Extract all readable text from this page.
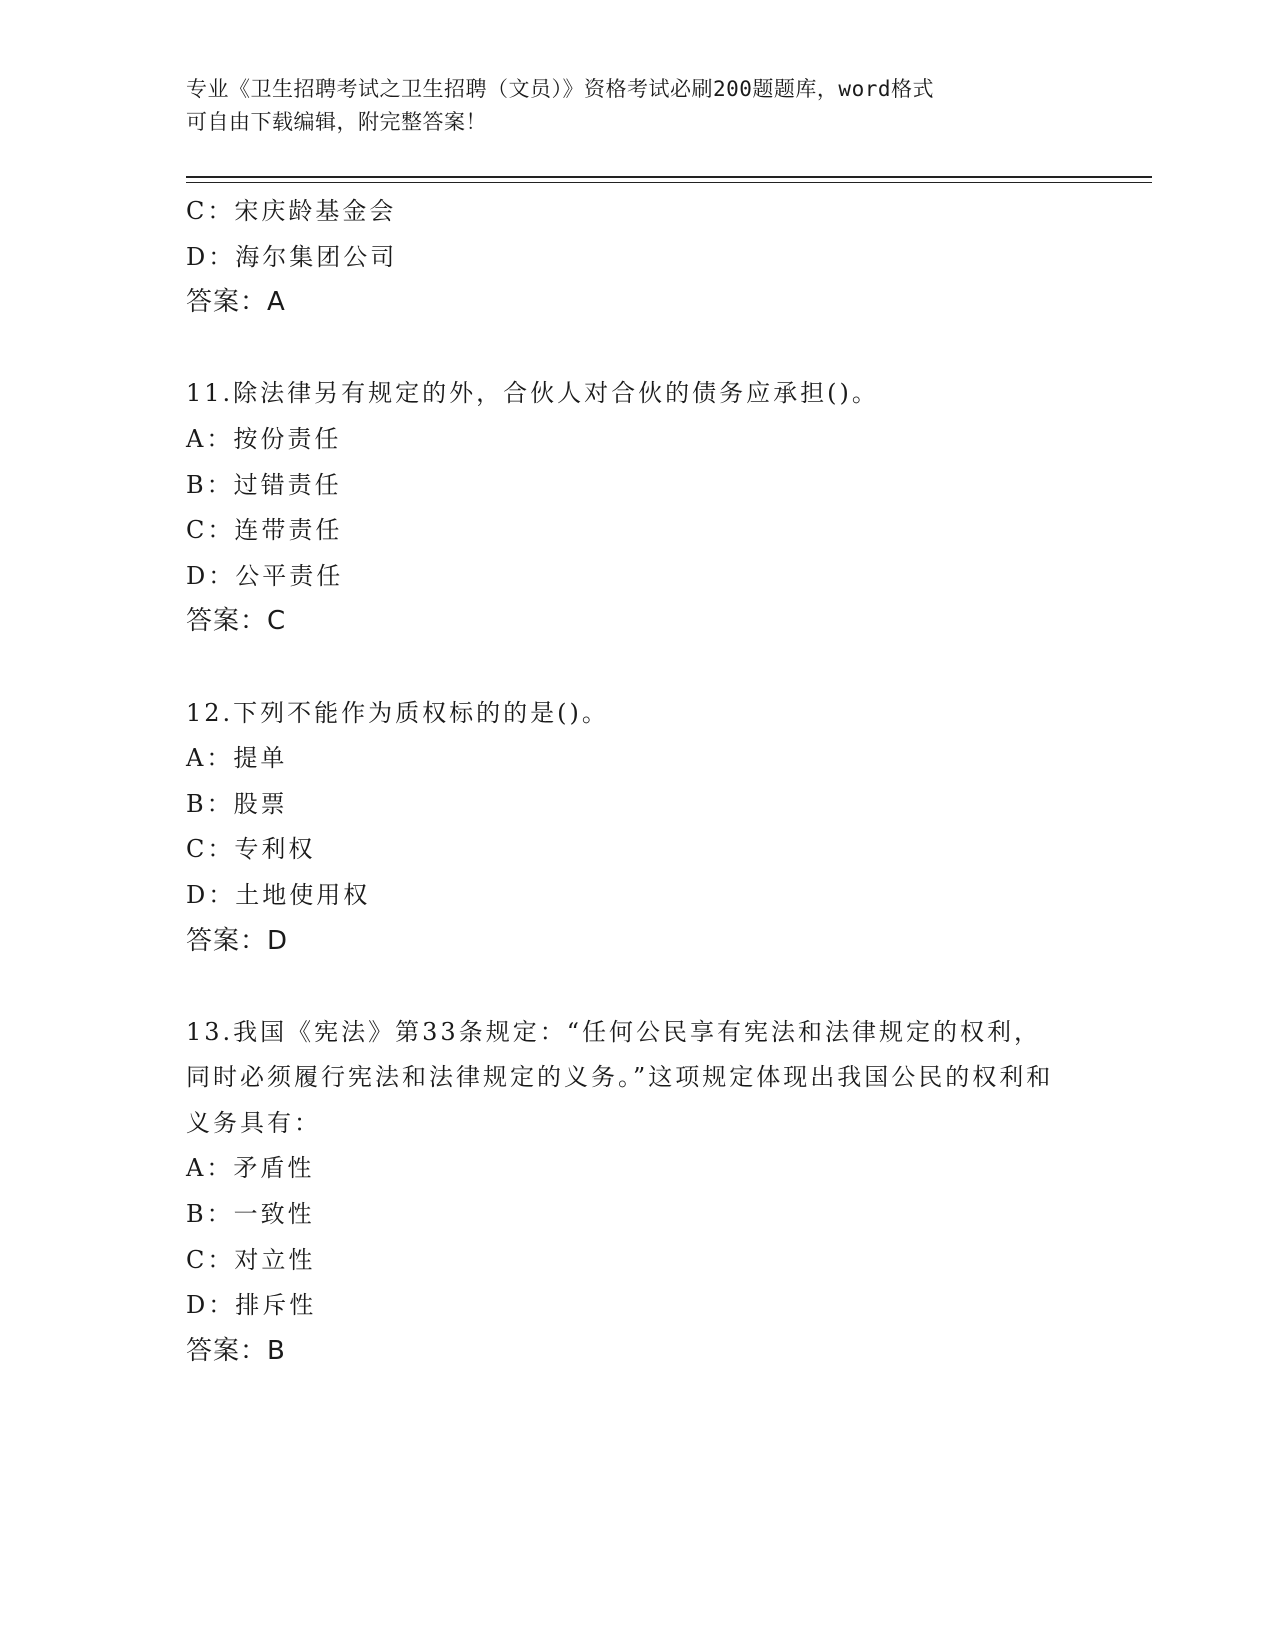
专业《卫生招聘考试之卫生招聘（文员）》资格考试必刷200题题库，word格式
可自由下载编辑，附完整答案！
C：宋庆龄基金会
D：海尔集团公司
答案：A
11.除法律另有规定的外，合伙人对合伙的债务应承担()。
A：按份责任
B：过错责任
C：连带责任
D：公平责任
答案：C
12.下列不能作为质权标的的是()。
A：提单
B：股票
C：专利权
D：土地使用权
答案：D
13.我国《宪法》第33条规定：“任何公民享有宪法和法律规定的权利，同时必须履行宪法和法律规定的义务。”这项规定体现出我国公民的权利和义务具有：
A：矛盾性
B：一致性
C：对立性
D：排斥性
答案：B
